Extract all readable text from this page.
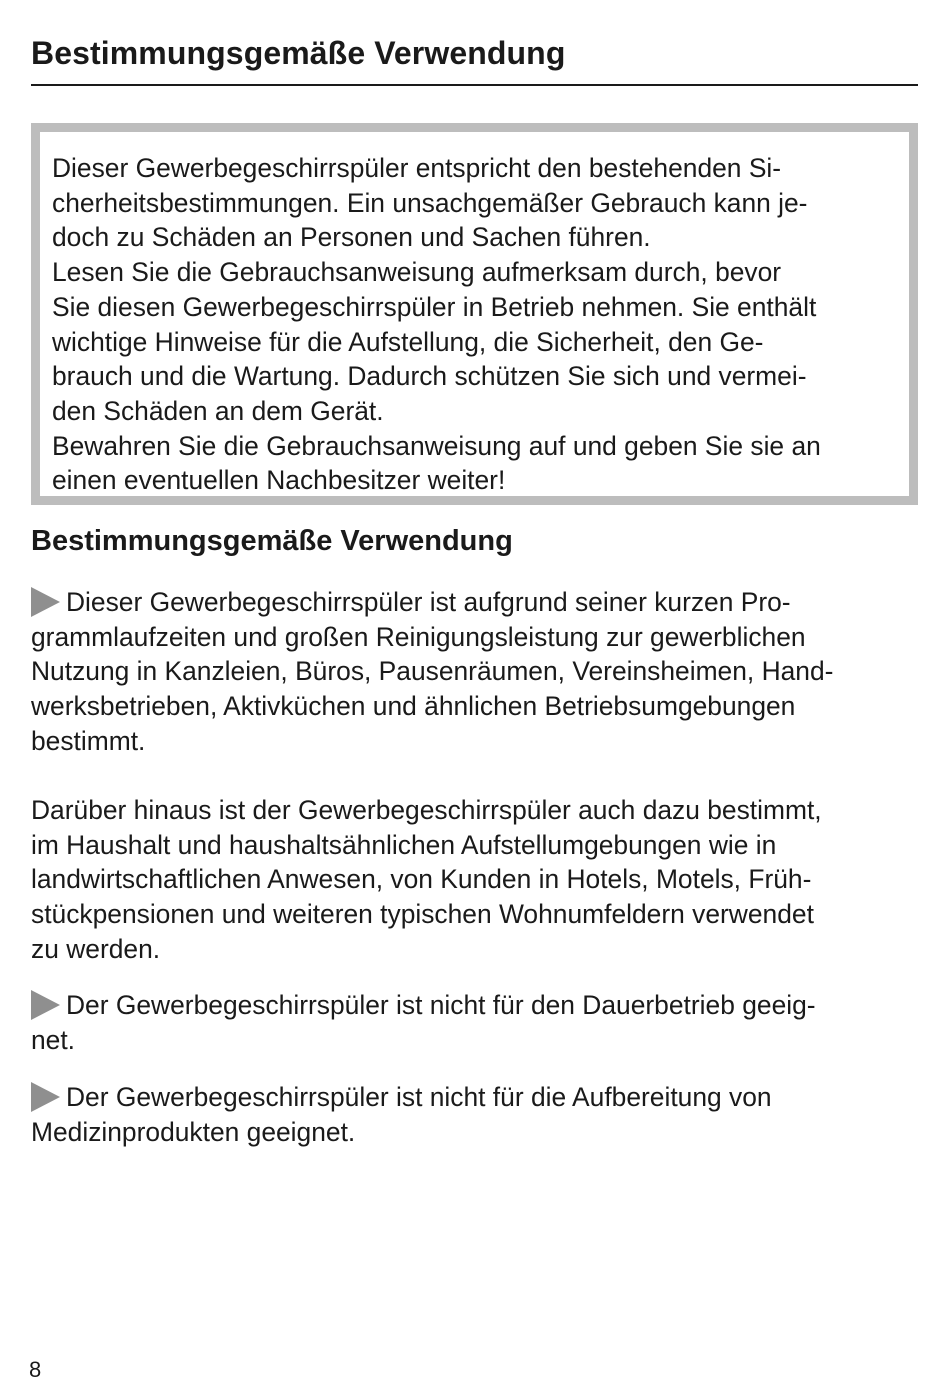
Bestimmungsgemäße Verwendung

Dieser Gewerbegeschirrspüler entspricht den bestehenden Si-

cherheitsbestimmungen. Ein unsachgemäßer Gebrauch kann je-

doch zu Schäden an Personen und Sachen führen.

Lesen Sie die Gebrauchsanweisung aufmerksam durch, bevor

Sie diesen Gewerbegeschirrspüler in Betrieb nehmen. Sie enthält

wichtige Hinweise für die Aufstellung, die Sicherheit, den Ge-

brauch und die Wartung. Dadurch schützen Sie sich und vermei-

den Schäden an dem Gerät.

Bewahren Sie die Gebrauchsanweisung auf und geben Sie sie an

einen eventuellen Nachbesitzer weiter!

Bestimmungsgemäße Verwendung
Dieser Gewerbegeschirrspüler ist aufgrund seiner kurzen Pro-
grammlaufzeiten und großen Reinigungsleistung zur gewerblichen
Nutzung in Kanzleien, Büros, Pausenräumen, Vereinsheimen, Hand-
werksbetrieben, Aktivküchen und ähnlichen Betriebsumgebungen
bestimmt.
Darüber hinaus ist der Gewerbegeschirrspüler auch dazu bestimmt,
im Haushalt und haushaltsähnlichen Aufstellumgebungen wie in
landwirtschaftlichen Anwesen, von Kunden in Hotels, Motels, Früh-
stückpensionen und weiteren typischen Wohnumfeldern verwendet
zu werden.
Der Gewerbegeschirrspüler ist nicht für den Dauerbetrieb geeig-
net.
Der Gewerbegeschirrspüler ist nicht für die Aufbereitung von
Medizinprodukten geeignet.
8
